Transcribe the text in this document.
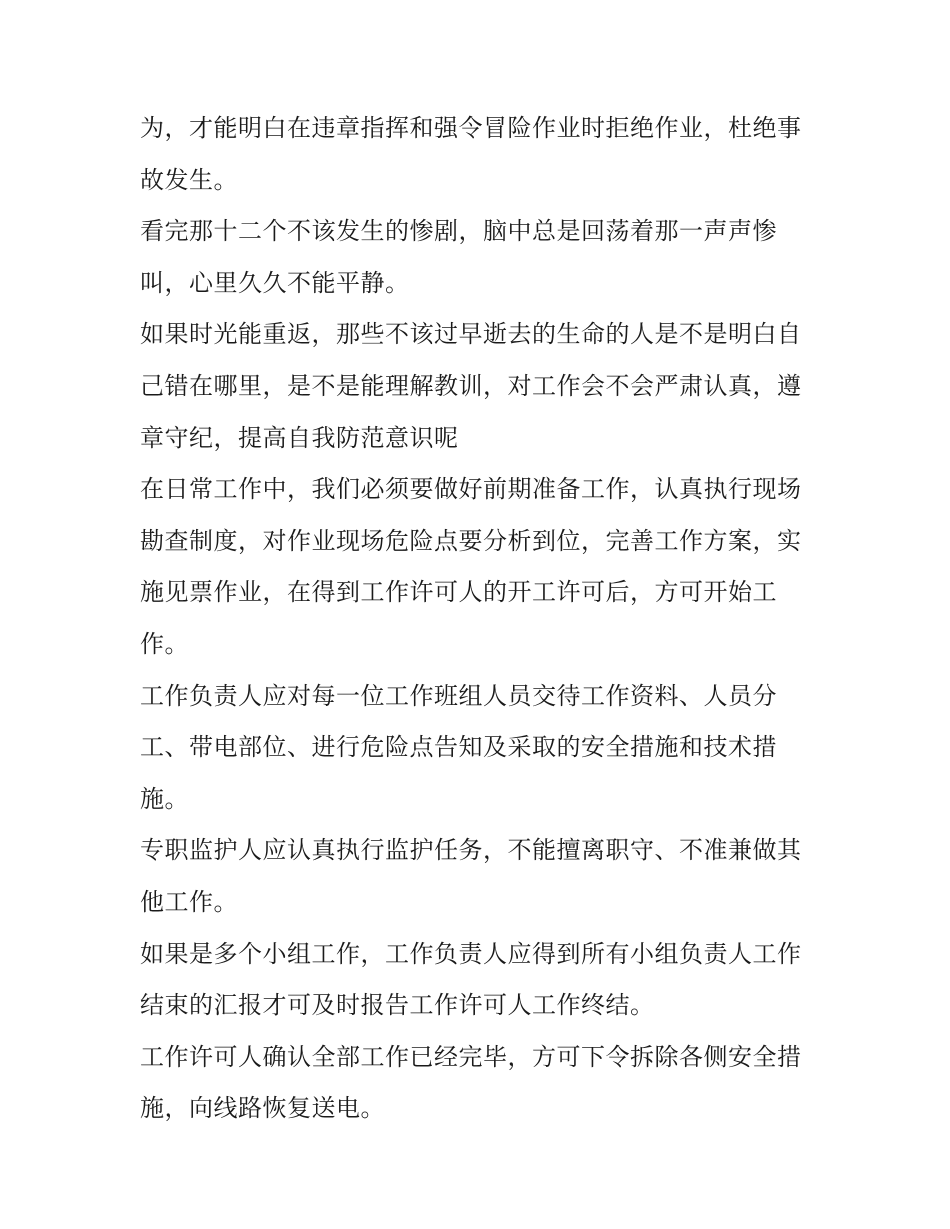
为，才能明白在违章指挥和强令冒险作业时拒绝作业，杜绝事
故发生。
看完那十二个不该发生的惨剧，脑中总是回荡着那一声声惨
叫，心里久久不能平静。
如果时光能重返，那些不该过早逝去的生命的人是不是明白自
己错在哪里，是不是能理解教训，对工作会不会严肃认真，遵
章守纪，提高自我防范意识呢
在日常工作中，我们必须要做好前期准备工作，认真执行现场
勘查制度，对作业现场危险点要分析到位，完善工作方案，实
施见票作业，在得到工作许可人的开工许可后，方可开始工
作。
工作负责人应对每一位工作班组人员交待工作资料、人员分
工、带电部位、进行危险点告知及采取的安全措施和技术措
施。
专职监护人应认真执行监护任务，不能擅离职守、不准兼做其
他工作。
如果是多个小组工作，工作负责人应得到所有小组负责人工作
结束的汇报才可及时报告工作许可人工作终结。
工作许可人确认全部工作已经完毕，方可下令拆除各侧安全措
施，向线路恢复送电。
